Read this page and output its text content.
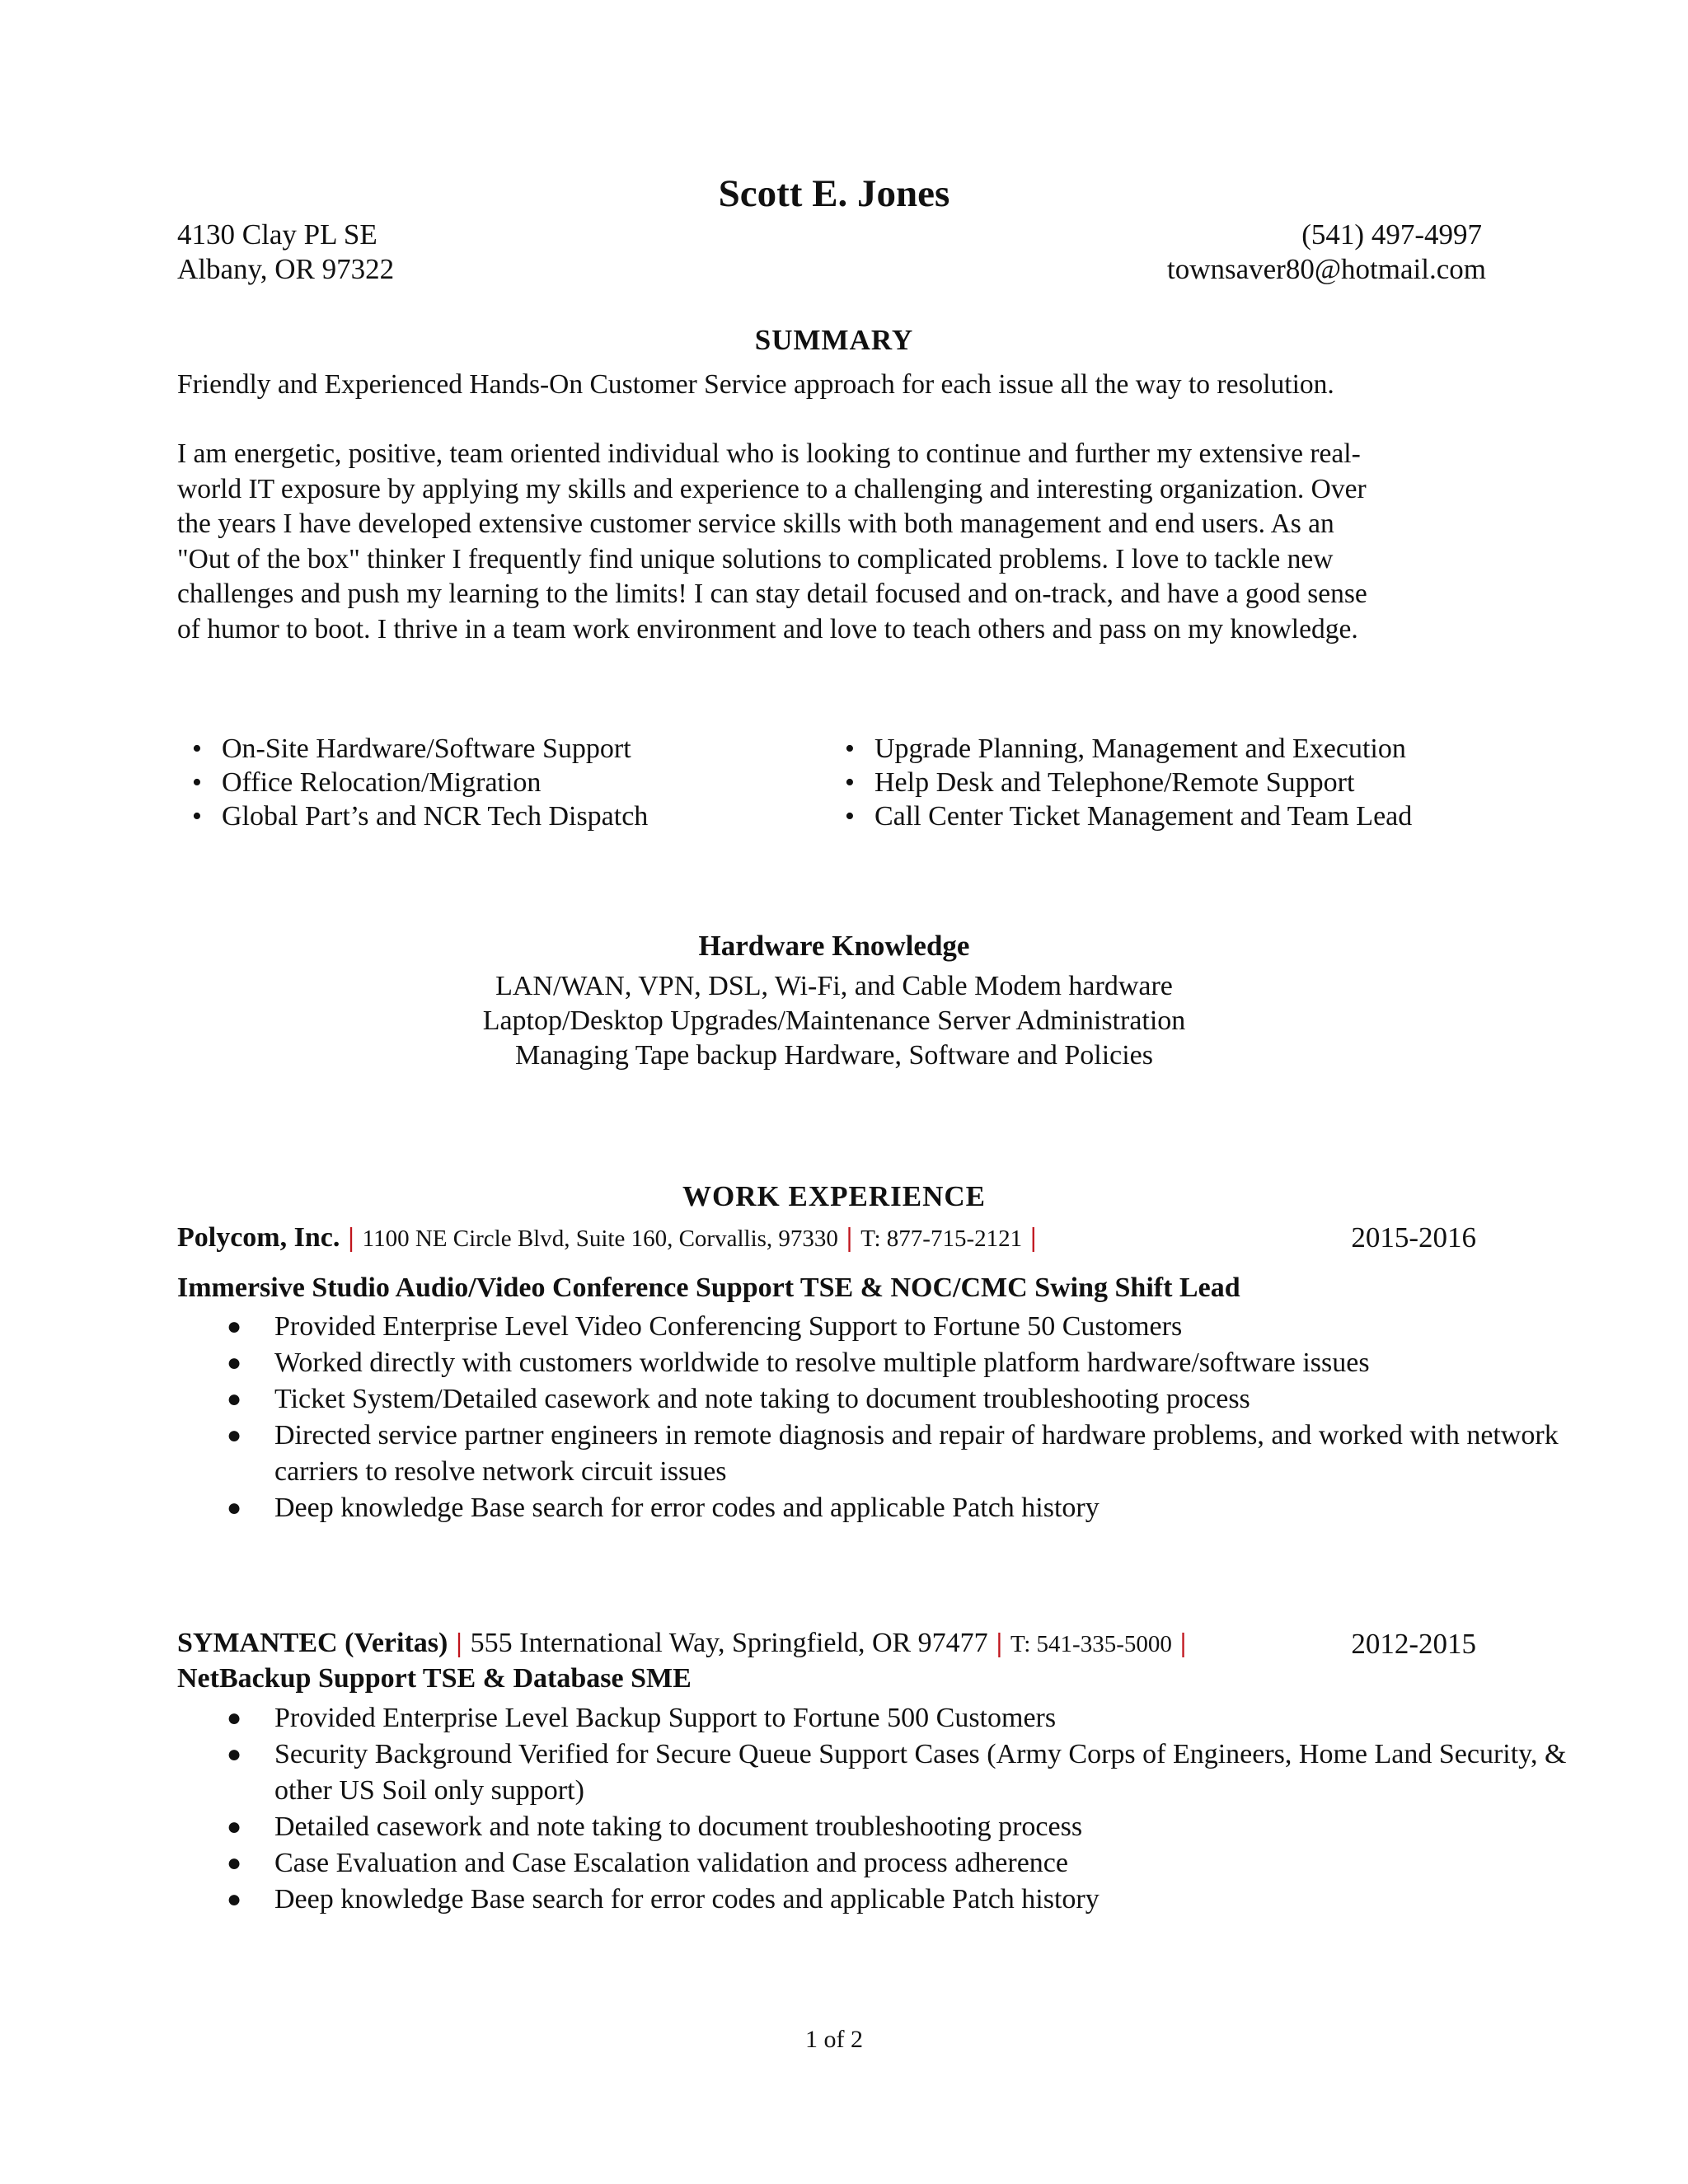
Scott E. Jones
4130 Clay PL SE
Albany, OR 97322
(541) 497-4997
townsaver80@hotmail.com
SUMMARY
Friendly and Experienced Hands-On Customer Service approach for each issue all the way to resolution.
I am energetic, positive, team oriented individual who is looking to continue and further my extensive real-
world IT exposure by applying my skills and experience to a challenging and interesting organization. Over
the years I have developed extensive customer service skills with both management and end users. As an
"Out of the box" thinker I frequently find unique solutions to complicated problems. I love to tackle new
challenges and push my learning to the limits! I can stay detail focused and on-track, and have a good sense
of humor to boot. I thrive in a team work environment and love to teach others and pass on my knowledge.
• On-Site Hardware/Software Support
• Office Relocation/Migration
• Global Part’s and NCR Tech Dispatch
• Upgrade Planning, Management and Execution
• Help Desk and Telephone/Remote Support
• Call Center Ticket Management and Team Lead
Hardware Knowledge
LAN/WAN, VPN, DSL, Wi-Fi, and Cable Modem hardware
Laptop/Desktop Upgrades/Maintenance Server Administration
Managing Tape backup Hardware, Software and Policies
WORK EXPERIENCE
Polycom, Inc. | 1100 NE Circle Blvd, Suite 160, Corvallis, 97330 | T: 877-715-2121 |	2015-2016
Immersive Studio Audio/Video Conference Support TSE & NOC/CMC Swing Shift Lead
● Provided Enterprise Level Video Conferencing Support to Fortune 50 Customers
● Worked directly with customers worldwide to resolve multiple platform hardware/software issues
● Ticket System/Detailed casework and note taking to document troubleshooting process
● Directed service partner engineers in remote diagnosis and repair of hardware problems, and worked with network carriers to resolve network circuit issues
● Deep knowledge Base search for error codes and applicable Patch history
SYMANTEC (Veritas) | 555 International Way, Springfield, OR 97477 | T: 541-335-5000 |	2012-2015
NetBackup Support TSE & Database SME
● Provided Enterprise Level Backup Support to Fortune 500 Customers
● Security Background Verified for Secure Queue Support Cases (Army Corps of Engineers, Home Land Security, & other US Soil only support)
● Detailed casework and note taking to document troubleshooting process
● Case Evaluation and Case Escalation validation and process adherence
● Deep knowledge Base search for error codes and applicable Patch history
1 of 2
